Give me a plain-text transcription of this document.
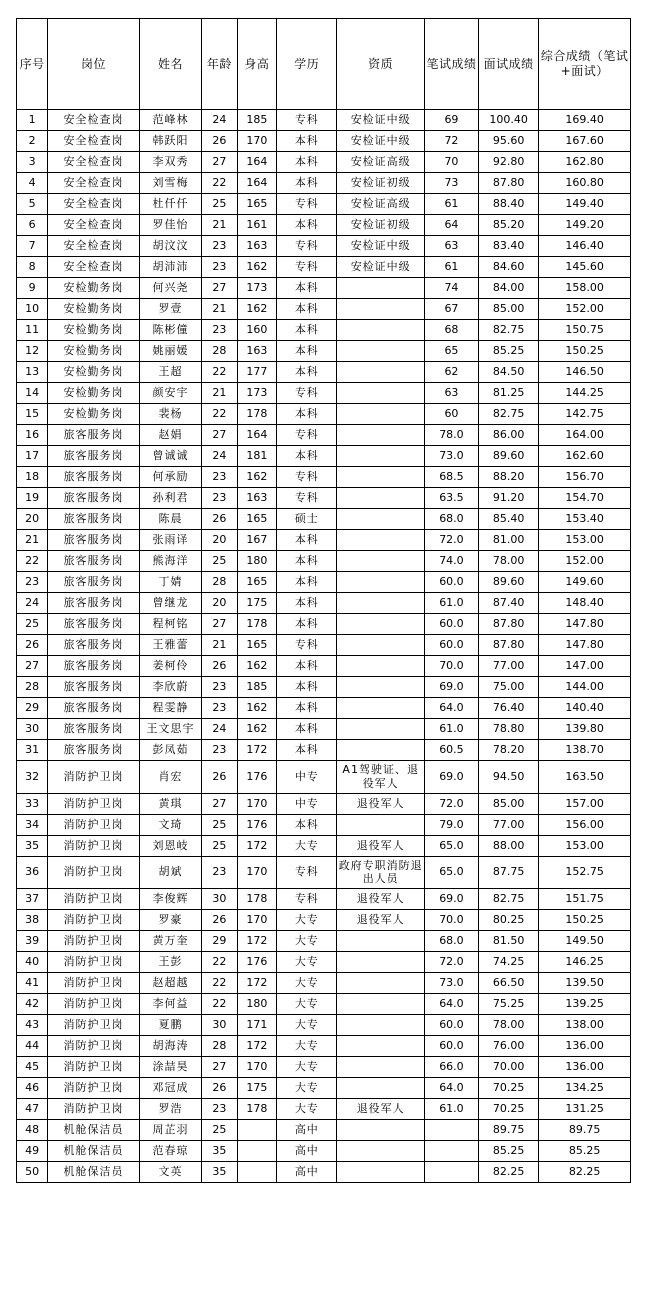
序号	岗位	姓名	年龄	身高	学历	资质	笔试成绩	面试成绩	综合成绩（笔试+面试）
1	安全检查岗	范峰林	24	185	专科	安检证中级	69	100.40	169.40
2	安全检查岗	韩跃阳	26	170	本科	安检证中级	72	95.60	167.60
3	安全检查岗	李双秀	27	164	本科	安检证高级	70	92.80	162.80
4	安全检查岗	刘雪梅	22	164	本科	安检证初级	73	87.80	160.80
5	安全检查岗	杜仟仟	25	165	专科	安检证高级	61	88.40	149.40
6	安全检查岗	罗佳怡	21	161	本科	安检证初级	64	85.20	149.20
7	安全检查岗	胡汶汶	23	163	专科	安检证中级	63	83.40	146.40
8	安全检查岗	胡沛沛	23	162	专科	安检证中级	61	84.60	145.60
9	安检勤务岗	何兴尧	27	173	本科		74	84.00	158.00
10	安检勤务岗	罗壹	21	162	本科		67	85.00	152.00
11	安检勤务岗	陈彬僮	23	160	本科		68	82.75	150.75
12	安检勤务岗	姚丽媛	28	163	本科		65	85.25	150.25
13	安检勤务岗	王超	22	177	本科		62	84.50	146.50
14	安检勤务岗	颜安宇	21	173	专科		63	81.25	144.25
15	安检勤务岗	裴杨	22	178	本科		60	82.75	142.75
16	旅客服务岗	赵娟	27	164	专科		78.0	86.00	164.00
17	旅客服务岗	曾诚诚	24	181	本科		73.0	89.60	162.60
18	旅客服务岗	何承励	23	162	专科		68.5	88.20	156.70
19	旅客服务岗	孙利君	23	163	专科		63.5	91.20	154.70
20	旅客服务岗	陈晨	26	165	硕士		68.0	85.40	153.40
21	旅客服务岗	张雨译	20	167	本科		72.0	81.00	153.00
22	旅客服务岗	熊海洋	25	180	本科		74.0	78.00	152.00
23	旅客服务岗	丁婧	28	165	本科		60.0	89.60	149.60
24	旅客服务岗	曾继龙	20	175	本科		61.0	87.40	148.40
25	旅客服务岗	程柯铭	27	178	本科		60.0	87.80	147.80
26	旅客服务岗	王雅蕾	21	165	专科		60.0	87.80	147.80
27	旅客服务岗	姜柯伶	26	162	本科		70.0	77.00	147.00
28	旅客服务岗	李欣蔚	23	185	本科		69.0	75.00	144.00
29	旅客服务岗	程雯静	23	162	本科		64.0	76.40	140.40
30	旅客服务岗	王文思宇	24	162	本科		61.0	78.80	139.80
31	旅客服务岗	彭凤茹	23	172	本科		60.5	78.20	138.70
32	消防护卫岗	肖宏	26	176	中专	A1驾驶证、退役军人	69.0	94.50	163.50
33	消防护卫岗	黄琪	27	170	中专	退役军人	72.0	85.00	157.00
34	消防护卫岗	文琦	25	176	本科		79.0	77.00	156.00
35	消防护卫岗	刘恩岐	25	172	大专	退役军人	65.0	88.00	153.00
36	消防护卫岗	胡斌	23	170	专科	政府专职消防退出人员	65.0	87.75	152.75
37	消防护卫岗	李俊辉	30	178	专科	退役军人	69.0	82.75	151.75
38	消防护卫岗	罗豪	26	170	大专	退役军人	70.0	80.25	150.25
39	消防护卫岗	黄万奎	29	172	大专		68.0	81.50	149.50
40	消防护卫岗	王彭	22	176	大专		72.0	74.25	146.25
41	消防护卫岗	赵超越	22	172	大专		73.0	66.50	139.50
42	消防护卫岗	李何益	22	180	大专		64.0	75.25	139.25
43	消防护卫岗	夏鹏	30	171	大专		60.0	78.00	138.00
44	消防护卫岗	胡海涛	28	172	大专		60.0	76.00	136.00
45	消防护卫岗	涂喆昊	27	170	大专		66.0	70.00	136.00
46	消防护卫岗	邓冠成	26	175	大专		64.0	70.25	134.25
47	消防护卫岗	罗浩	23	178	大专	退役军人	61.0	70.25	131.25
48	机舱保洁员	周芷羽	25		高中			89.75	89.75
49	机舱保洁员	范春琼	35		高中			85.25	85.25
50	机舱保洁员	文英	35		高中			82.25	82.25
